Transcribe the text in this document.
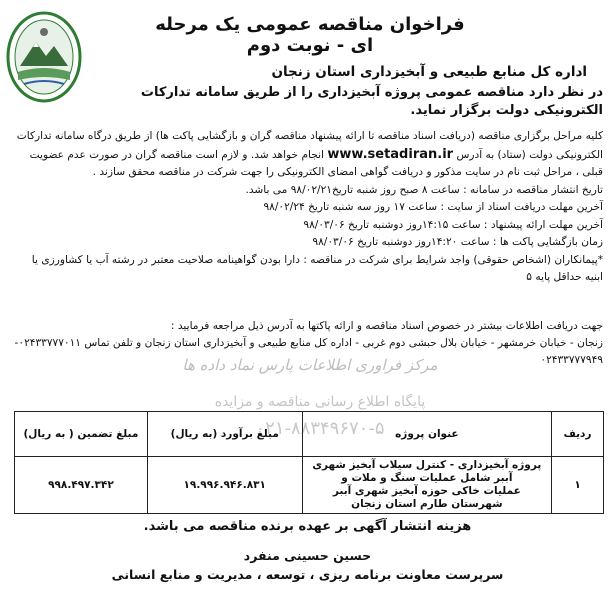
فراخوان مناقصه عمومی یک مرحله ای - نوبت دوم
اداره کل منابع طبیعی و آبخیزداری استان زنجان
در نظر دارد مناقصه عمومی پروژه آبخیزداری را از طریق سامانه تدارکات الکترونیکی دولت برگزار نماید.

کلیه مراحل برگزاری مناقصه (دریافت اسناد مناقصه تا ارائه پیشنهاد مناقصه گران و بازگشایی پاکت ها) از طریق درگاه سامانه تدارکات الکترونیکی دولت (ستاد) به آدرس www.setadiran.ir انجام خواهد شد. و لازم است مناقصه گران در صورت عدم عضویت قبلی ، مراحل ثبت نام در سایت مذکور و دریافت گواهی امضای الکترونیکی را جهت شرکت در مناقصه محقق سازند .

تاریخ انتشار مناقصه در سامانه : ساعت ۸ صبح روز شنبه تاریخ۹۸/۰۲/۲۱ می باشد.

آخرین مهلت دریافت اسناد از سایت : ساعت ۱۷ روز سه شنبه تاریخ ۹۸/۰۲/۲۴

آخرین مهلت ارائه پیشنهاد : ساعت ۱۴:۱۵روز دوشنبه تاریخ ۹۸/۰۳/۰۶

زمان بازگشایی پاکت ها : ساعت ۱۴:۲۰روز دوشنبه تاریخ ۹۸/۰۳/۰۶

*پیمانکاران (اشخاص حقوقی) واجد شرایط برای شرکت در مناقصه : دارا بودن گواهینامه صلاحیت معتبر در رشته آب یا کشاورزی یا ابنیه حداقل پایه ۵

جهت دریافت اطلاعات بیشتر در خصوص اسناد مناقصه و ارائه پاکتها به آدرس ذیل مراجعه فرمایید :

زنجان - خیابان خرمشهر - خیابان بلال حبشی دوم غربی - اداره کل منابع طبیعی و آبخیزداری استان زنجان و تلفن تماس ۰۲۴۳۳۷۷۷۰۱۱-

۰۲۴۳۳۷۷۷۹۴۹

مرکز فراوری اطلاعات پارس نماد داده ها
پایگاه اطلاع رسانی مناقصه و مزایده
۰۲۱-۸۸۳۴۹۶۷۰-۵	ردیف	عنوان پروژه	مبلغ برآورد (به ریال)	مبلغ تضمین ( به ریال)
۱	پروژه آبخیزداری - کنترل سیلاب آبخیز شهری آببر شامل عملیات سنگ و ملات و
عملیات خاکی حوزه آبخیز شهری آببر شهرستان طارم استان زنجان	۱۹.۹۹۶.۹۴۶.۸۳۱	۹۹۸.۴۹۷.۳۴۲
هزینه انتشار آگهی بر عهده برنده مناقصه می باشد.
حسین حسینی منفرد
سرپرست معاونت برنامه ریزی ، توسعه ، مدیریت و منابع انسانی
